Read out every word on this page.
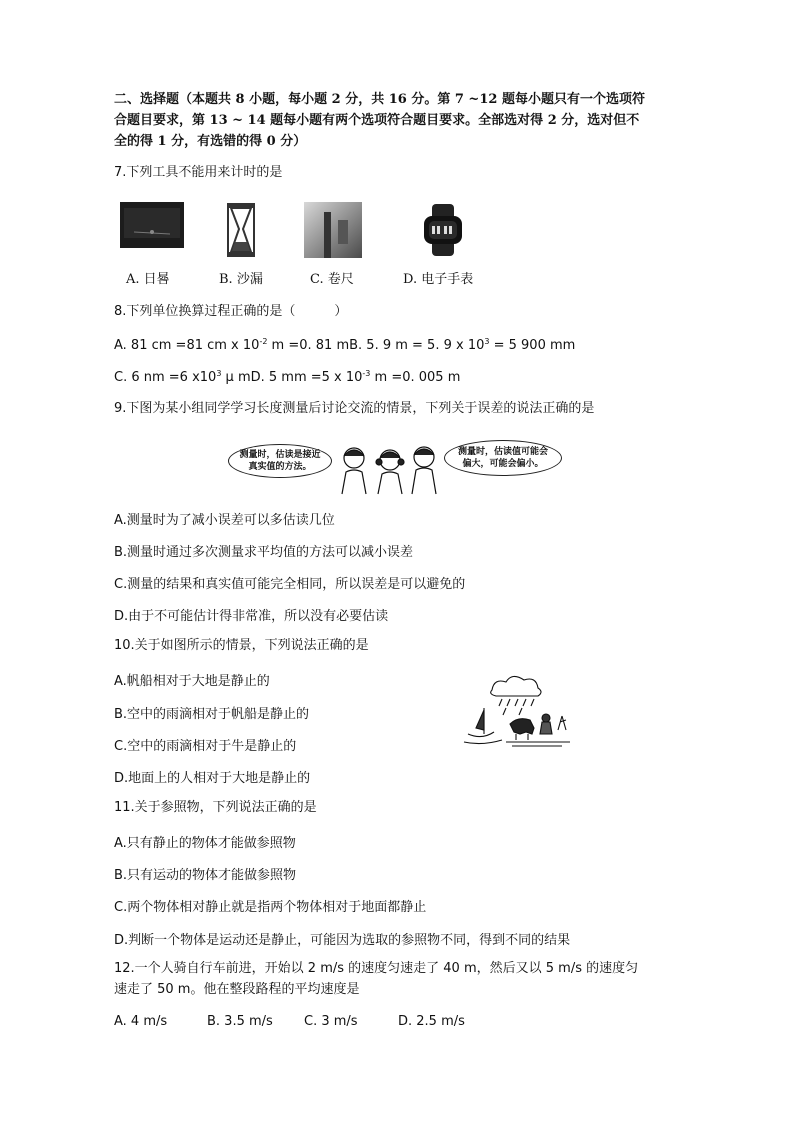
二、选择题（本题共 8 小题，每小题 2 分，共 16 分。第 7 ~12 题每小题只有一个选项符
合题目要求，第 13 ~ 14 题每小题有两个选项符合题目要求。全部选对得 2 分，选对但不
全的得 1 分，有选错的得 0 分）
7.下列工具不能用来计时的是
A. 日晷	B. 沙漏	C. 卷尺	D. 电子手表
8.下列单位换算过程正确的是（　　　）
A. 81 cm =81 cm x $10^{-2}$ m =0. 81 mB. 5. 9 m = 5. 9 x $10^3 = 5$ 900 mm
C. 6 nm =6 $x10^3$ μ mD. 5 mm =5 x $10^{-3}$ m =0. 005 m
9.下图为某小组同学学习长度测量后讨论交流的情景，下列关于误差的说法正确的是
测量时，估读是接近
真实值的方法。
测量时，估读值可能会
偏大，可能会偏小。
A.测量时为了减小误差可以多估读几位
B.测量时通过多次测量求平均值的方法可以减小误差
C.测量的结果和真实值可能完全相同，所以误差是可以避免的
D.由于不可能估计得非常准，所以没有必要估读
10.关于如图所示的情景，下列说法正确的是
A.帆船相对于大地是静止的
B.空中的雨滴相对于帆船是静止的
C.空中的雨滴相对于牛是静止的
D.地面上的人相对于大地是静止的
11.关于参照物，下列说法正确的是
A.只有静止的物体才能做参照物
B.只有运动的物体才能做参照物
C.两个物体相对静止就是指两个物体相对于地面都静止
D.判断一个物体是运动还是静止，可能因为选取的参照物不同，得到不同的结果
12.一个人骑自行车前进，开始以 2 m/s 的速度匀速走了 40 m，然后又以 5 m/s 的速度匀
速走了 50 m。他在整段路程的平均速度是
A. 4 m/s	B. 3.5 m/s C. 3 m/s	D. 2.5 m/s
